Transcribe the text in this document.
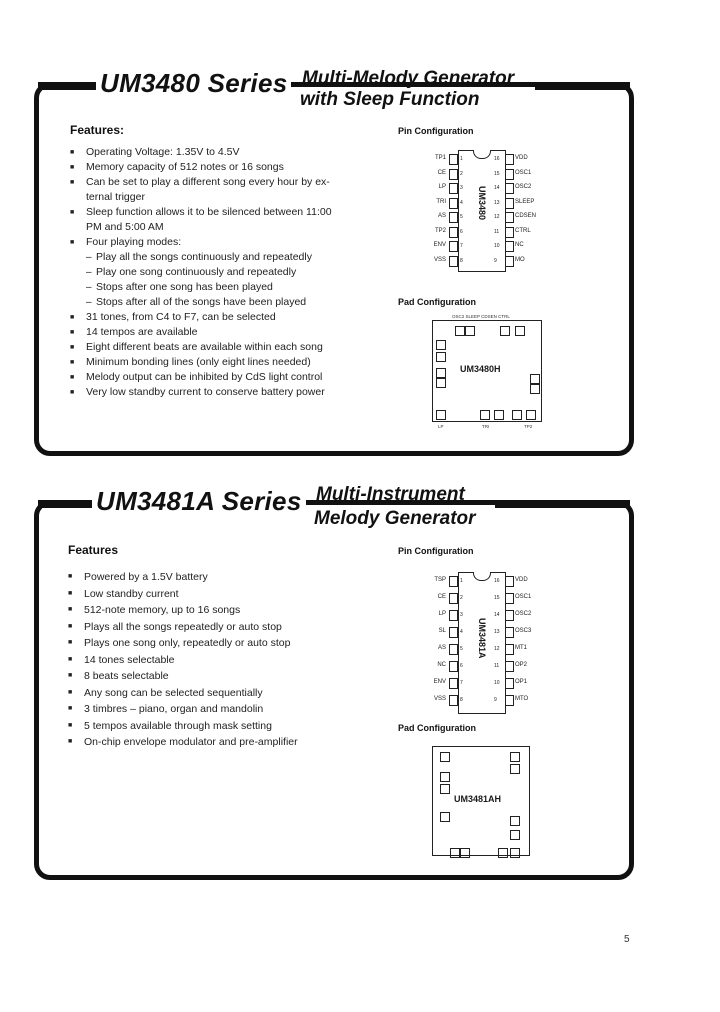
UM3480 Series Multi-Melody Generator
with Sleep Function
Features:
■ Operating Voltage: 1.35V to 4.5V
■ Memory capacity of 512 notes or 16 songs
■ Can be set to play a different song every hour by ex-
ternal trigger
■ Sleep function allows it to be silenced between 11:00
PM and 5:00 AM
■ Four playing modes:
– Play all the songs continuously and repeatedly
– Play one song continuously and repeatedly
– Stops after one song has been played
– Stops after all of the songs have been played
■ 31 tones, from C4 to F7, can be selected
■ 14 tempos are available
■ Eight different beats are available within each song
■ Minimum bonding lines (only eight lines needed)
■ Melody output can be inhibited by CdS light control
■ Very low standby current to conserve battery power
Pin Configuration
UM3480
TP1	1
CE	2
LP	3
TRI	4
AS	5
TP2	6
ENV	7
VSS	8
VDD
16
OSC1
15
OSC2
14
SLEEP
13
CDSEN
12
CTRL
11
NC
10
MO
9
Pad Configuration
UM3480H
OSC2 SLEEP CDSEN CTRL
LP	TRI	TP2
UM3481A Series Multi-Instrument
Melody Generator
Features
■ Powered by a 1.5V battery
■ Low standby current
■ 512-note memory, up to 16 songs
■ Plays all the songs repeatedly or auto stop
■ Plays one song only, repeatedly or auto stop
■ 14 tones selectable
■ 8 beats selectable
■ Any song can be selected sequentially
■ 3 timbres – piano, organ and mandolin
■ 5 tempos available through mask setting
■ On-chip envelope modulator and pre-amplifier
Pin Configuration
UM3481A
TSP	1
CE	2
LP	3
SL	4
AS	5
NC	6
ENV	7
VSS	8
VDD
16
OSC1
15
OSC2
14
OSC3
13
MT1
12
OP2
11
OP1
10
MTO
9
Pad Configuration
UM3481AH
5
